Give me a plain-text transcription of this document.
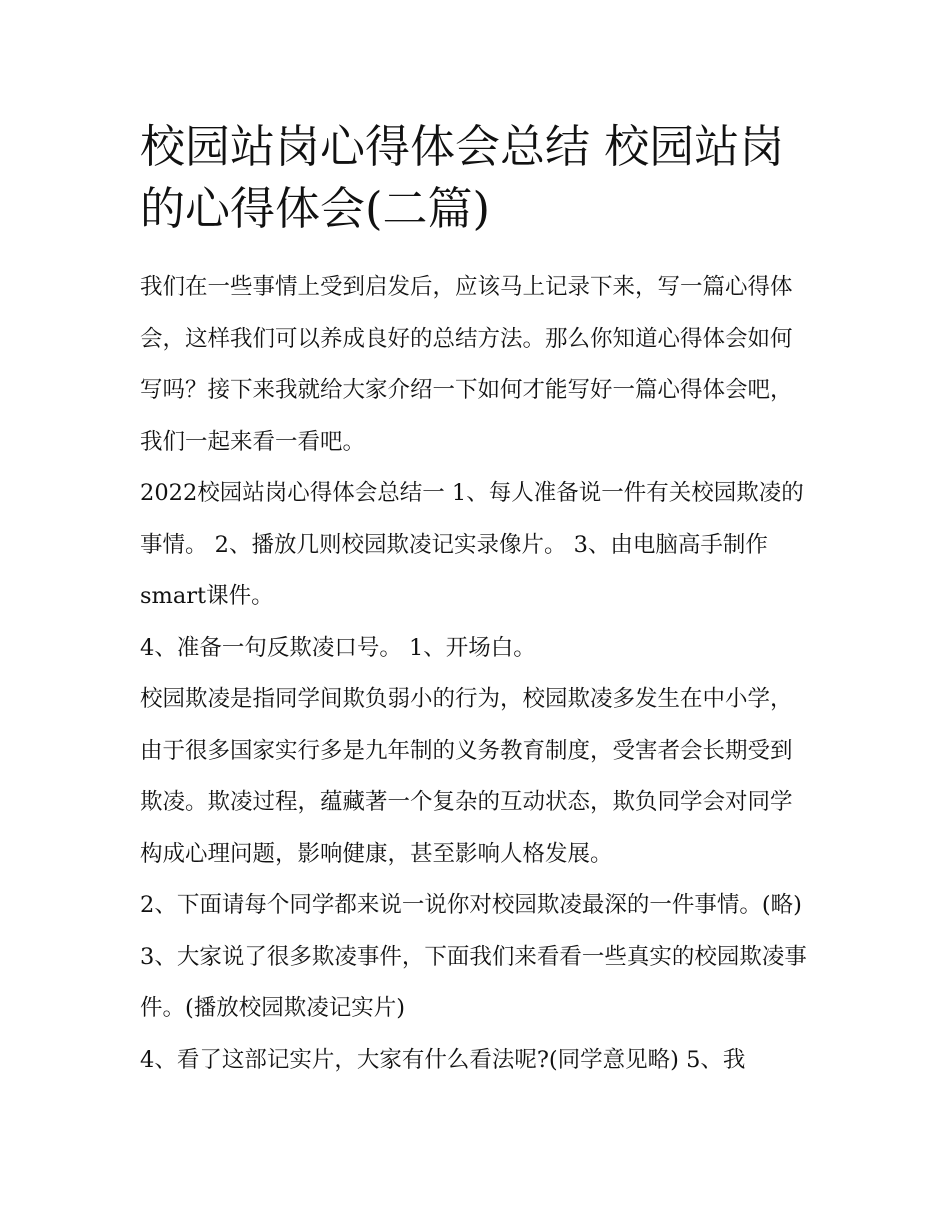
校园站岗心得体会总结 校园站岗的心得体会(二篇)

我们在一些事情上受到启发后，应该马上记录下来，写一篇心得体会，这样我们可以养成良好的总结方法。那么你知道心得体会如何写吗？接下来我就给大家介绍一下如何才能写好一篇心得体会吧，我们一起来看一看吧。

2022校园站岗心得体会总结一 1、每人准备说一件有关校园欺凌的事情。 2、播放几则校园欺凌记实录像片。 3、由电脑高手制作smart课件。

4、准备一句反欺凌口号。 1、开场白。

校园欺凌是指同学间欺负弱小的行为，校园欺凌多发生在中小学，由于很多国家实行多是九年制的义务教育制度，受害者会长期受到欺凌。欺凌过程，蕴藏著一个复杂的互动状态，欺负同学会对同学构成心理问题，影响健康，甚至影响人格发展。

2、下面请每个同学都来说一说你对校园欺凌最深的一件事情。(略) 3、大家说了很多欺凌事件，下面我们来看看一些真实的校园欺凌事件。(播放校园欺凌记实片)

4、看了这部记实片，大家有什么看法呢?(同学意见略) 5、我
